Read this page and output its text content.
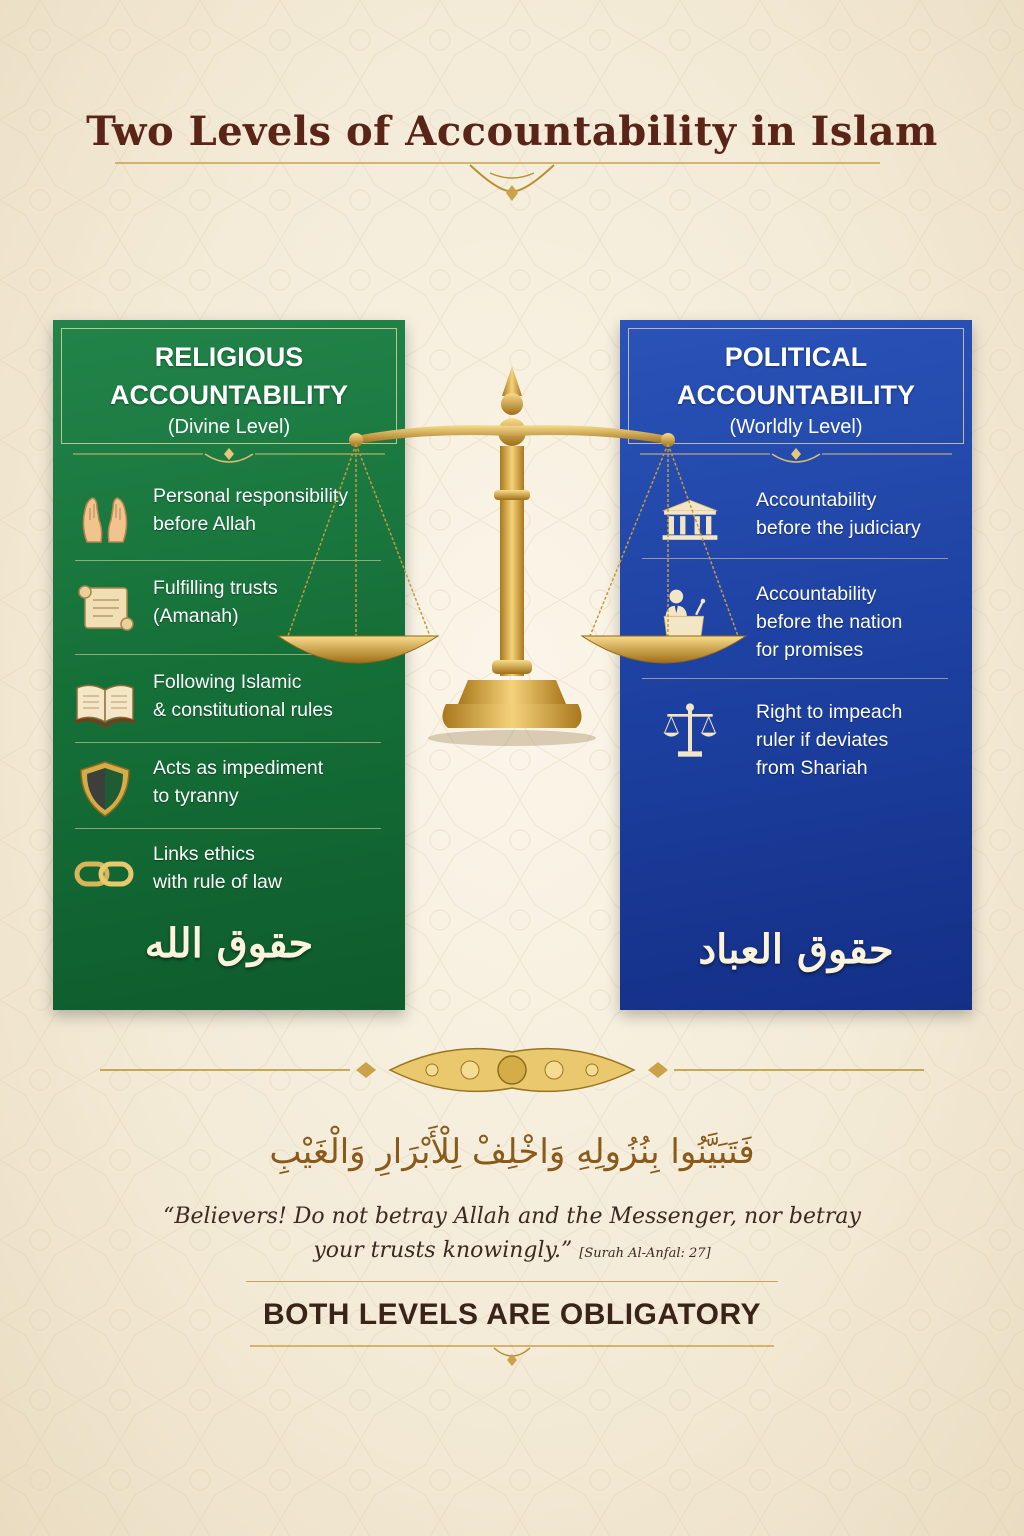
Two Levels of Accountability in Islam
RELIGIOUS
ACCOUNTABILITY
(Divine Level)
Personal responsibility
before Allah
Fulfilling trusts
(Amanah)
Following Islamic
& constitutional rules
Acts as impediment
to tyranny
Links ethics
with rule of law
حقوق الله
POLITICAL
ACCOUNTABILITY
(Worldly Level)
Accountability
before the judiciary
Accountability
before the nation
for promises
Right to impeach
ruler if deviates
from Shariah
حقوق العباد
فَتَبَيَّنُوا بِنُزُولِهِ وَاخْلِفْ لِلْأَبْرَارِ وَالْغَيْبِ
“Believers! Do not betray Allah and the Messenger, nor betray your trusts knowingly.” [Surah Al-Anfal: 27]
BOTH LEVELS ARE OBLIGATORY
